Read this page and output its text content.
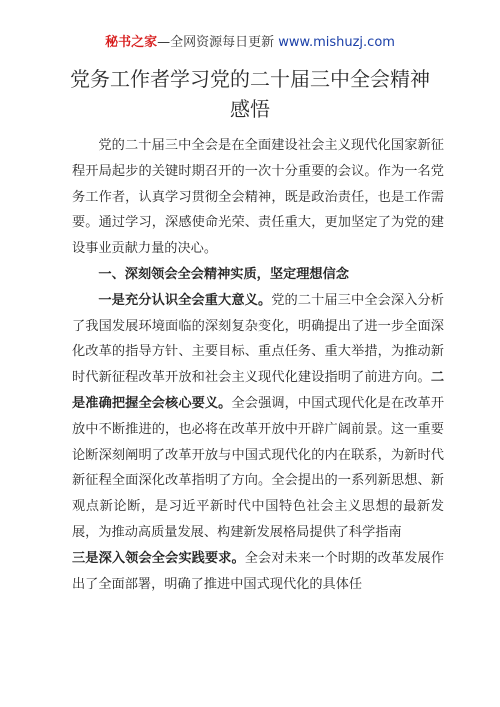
秘书之家—全网资源每日更新 www.mishuzj.com
党务工作者学习党的二十届三中全会精神
感悟

党的二十届三中全会是在全面建设社会主义现代化国家新征程开局起步的关键时期召开的一次十分重要的会议。作为一名党务工作者，认真学习贯彻全会精神，既是政治责任，也是工作需要。通过学习，深感使命光荣、责任重大，更加坚定了为党的建设事业贡献力量的决心。

一、深刻领会全会精神实质，坚定理想信念

一是充分认识全会重大意义。党的二十届三中全会深入分析了我国发展环境面临的深刻复杂变化，明确提出了进一步全面深化改革的指导方针、主要目标、重点任务、重大举措，为推动新时代新征程改革开放和社会主义现代化建设指明了前进方向。二是准确把握全会核心要义。全会强调，中国式现代化是在改革开放中不断推进的，也必将在改革开放中开辟广阔前景。这一重要论断深刻阐明了改革开放与中国式现代化的内在联系，为新时代新征程全面深化改革指明了方向。全会提出的一系列新思想、新观点新论断，是习近平新时代中国特色社会主义思想的最新发展，为推动高质量发展、构建新发展格局提供了科学指南
三是深入领会全会实践要求。全会对未来一个时期的改革发展作出了全面部署，明确了推进中国式现代化的具体任
